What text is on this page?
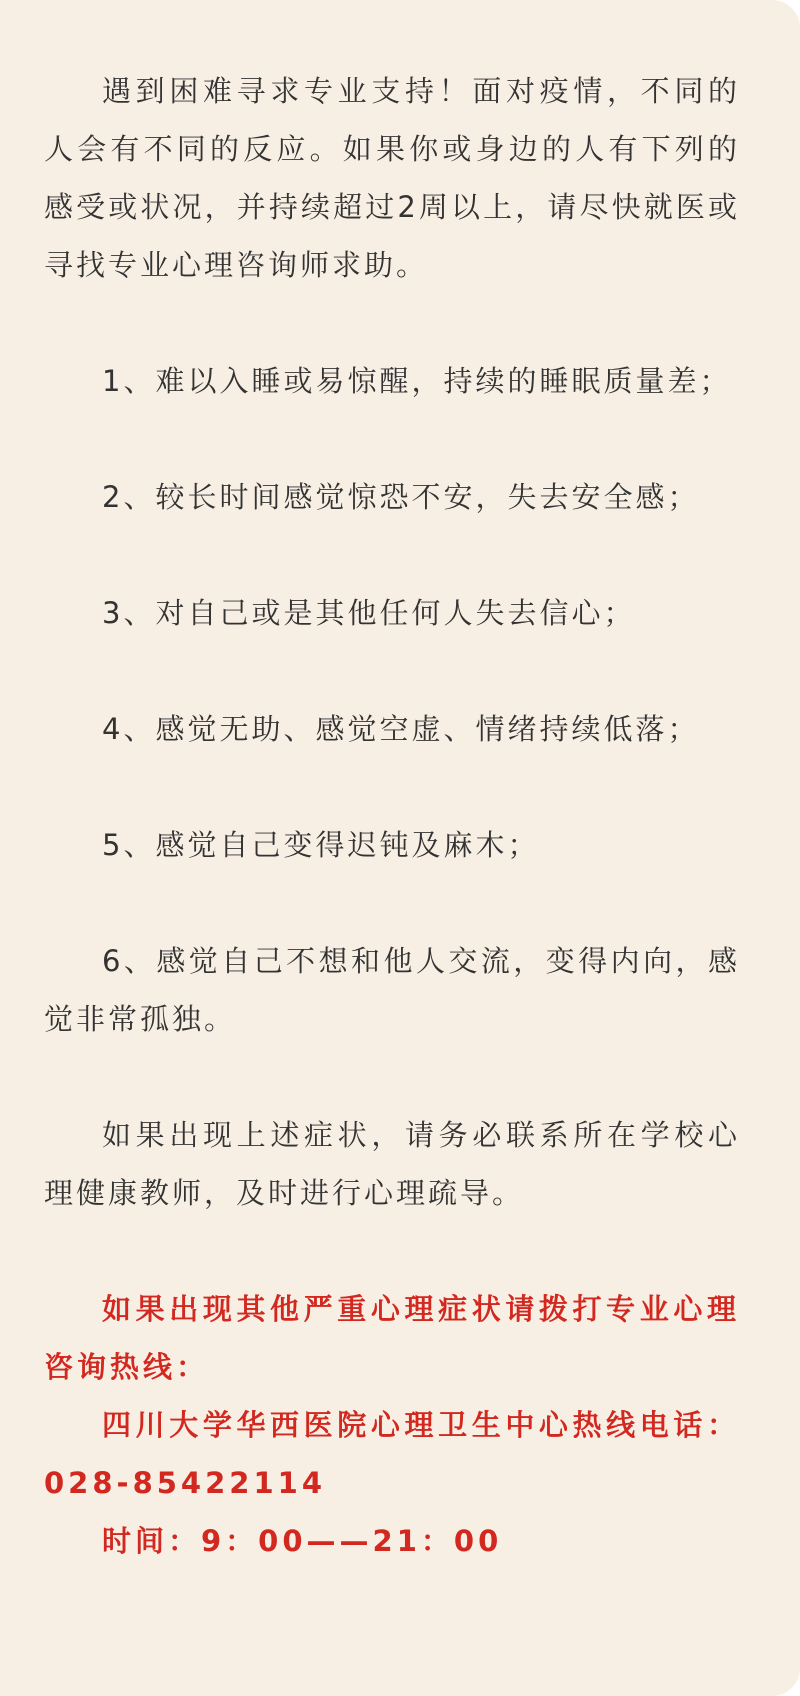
遇到困难寻求专业支持！面对疫情，不同的人会有不同的反应。如果你或身边的人有下列的感受或状况，并持续超过2周以上，请尽快就医或寻找专业心理咨询师求助。

1、难以入睡或易惊醒，持续的睡眠质量差；

2、较长时间感觉惊恐不安，失去安全感；

3、对自己或是其他任何人失去信心；

4、感觉无助、感觉空虚、情绪持续低落；

5、感觉自己变得迟钝及麻木；

6、感觉自己不想和他人交流，变得内向，感觉非常孤独。

如果出现上述症状，请务必联系所在学校心理健康教师，及时进行心理疏导。

如果出现其他严重心理症状请拨打专业心理咨询热线：

四川大学华西医院心理卫生中心热线电话：028-85422114

时间：9：00——21：00
